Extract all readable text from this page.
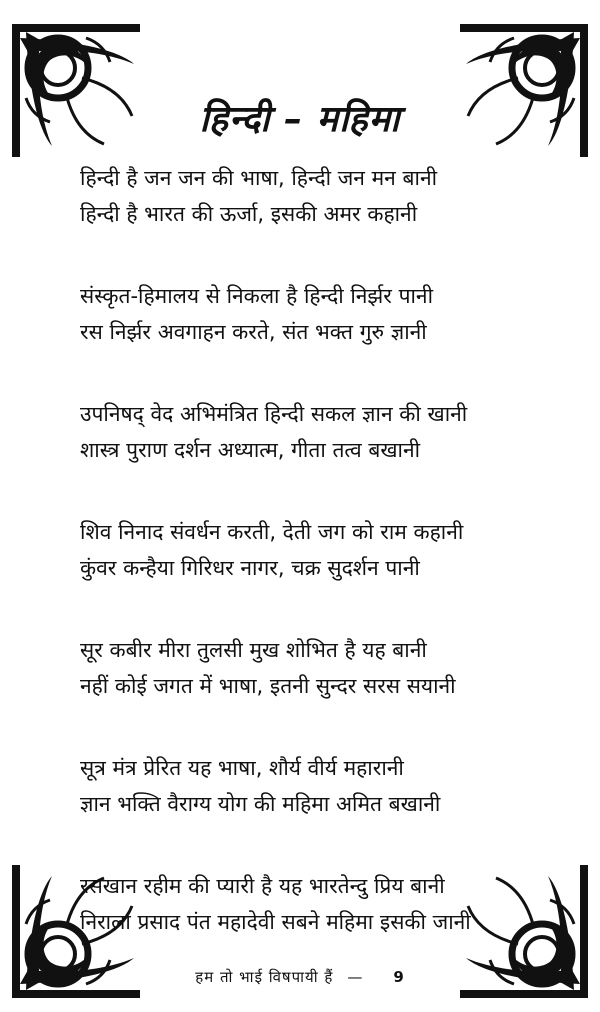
हिन्दी – महिमा

हिन्दी है जन जन की भाषा, हिन्दी जन मन बानी
हिन्दी है भारत की ऊर्जा, इसकी अमर कहानी

संस्कृत-हिमालय से निकला है हिन्दी निर्झर पानी
रस निर्झर अवगाहन करते, संत भक्त गुरु ज्ञानी

उपनिषद् वेद अभिमंत्रित हिन्दी सकल ज्ञान की खानी
शास्त्र पुराण दर्शन अध्यात्म, गीता तत्व बखानी

शिव निनाद संवर्धन करती, देती जग को राम कहानी
कुंवर कन्हैया गिरिधर नागर, चक्र सुदर्शन पानी

सूर कबीर मीरा तुलसी मुख शोभित है यह बानी
नहीं कोई जगत में भाषा, इतनी सुन्दर सरस सयानी

सूत्र मंत्र प्रेरित यह भाषा, शौर्य वीर्य महारानी
ज्ञान भक्ति वैराग्य योग की महिमा अमित बखानी

रसखान रहीम की प्यारी है यह भारतेन्दु प्रिय बानी
निराला प्रसाद पंत महादेवी सबने महिमा इसकी जानी

हम तो भाई विषपायी हैं — 9
